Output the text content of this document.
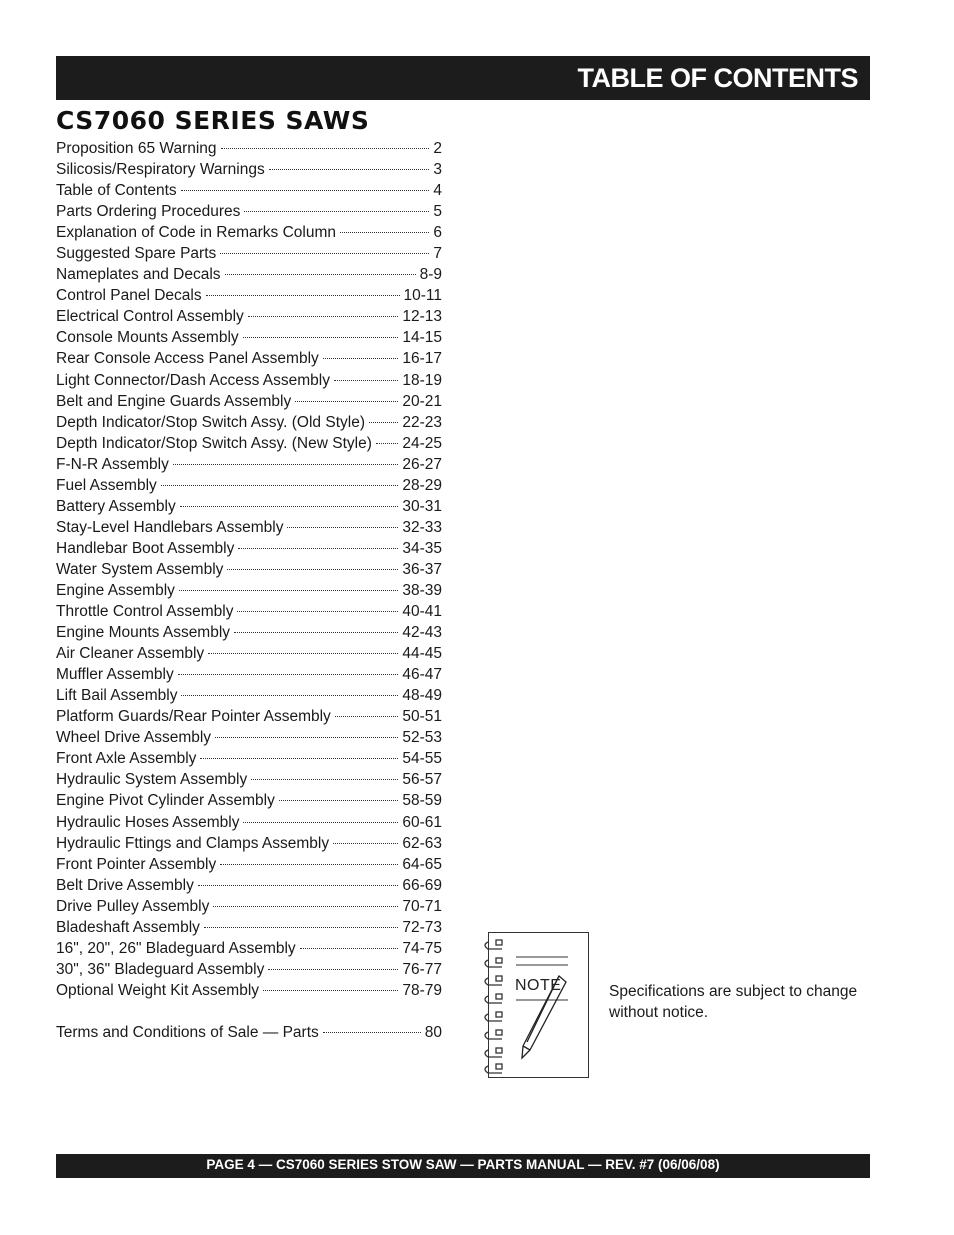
TABLE OF CONTENTS
CS7060 SERIES SAWS
Proposition 65 Warning	2
Silicosis/Respiratory Warnings	3
Table of Contents	4
Parts Ordering Procedures	5
Explanation of Code in Remarks Column	6
Suggested Spare Parts	7
Nameplates and Decals	8-9
Control Panel Decals	10-11
Electrical Control Assembly	12-13
Console Mounts Assembly	14-15
Rear Console Access Panel Assembly	16-17
Light Connector/Dash Access Assembly	18-19
Belt and Engine Guards Assembly	20-21
Depth Indicator/Stop Switch Assy. (Old Style) 22-23
Depth Indicator/Stop Switch Assy. (New Style) 24-25
F-N-R Assembly	26-27
Fuel Assembly	28-29
Battery Assembly	30-31
Stay-Level Handlebars Assembly	32-33
Handlebar Boot Assembly	34-35
Water System Assembly	36-37
Engine Assembly	38-39
Throttle Control Assembly	40-41
Engine Mounts Assembly	42-43
Air Cleaner Assembly	44-45
Muffler Assembly	46-47
Lift Bail Assembly	48-49
Platform Guards/Rear Pointer Assembly	50-51
Wheel Drive Assembly	52-53
Front Axle Assembly	54-55
Hydraulic System Assembly	56-57
Engine Pivot Cylinder Assembly	58-59
Hydraulic Hoses Assembly	60-61
Hydraulic Fttings and Clamps Assembly	62-63
Front Pointer Assembly	64-65
Belt Drive Assembly	66-69
Drive Pulley Assembly	70-71
Bladeshaft Assembly	72-73
16", 20", 26" Bladeguard Assembly	74-75
30", 36" Bladeguard Assembly	76-77
Optional Weight Kit Assembly	78-79
Terms and Conditions of Sale — Parts	80
NOTE	Specifications are subject to change without notice.
PAGE 4 — CS7060 SERIES STOW SAW — PARTS MANUAL — REV. #7 (06/06/08)
